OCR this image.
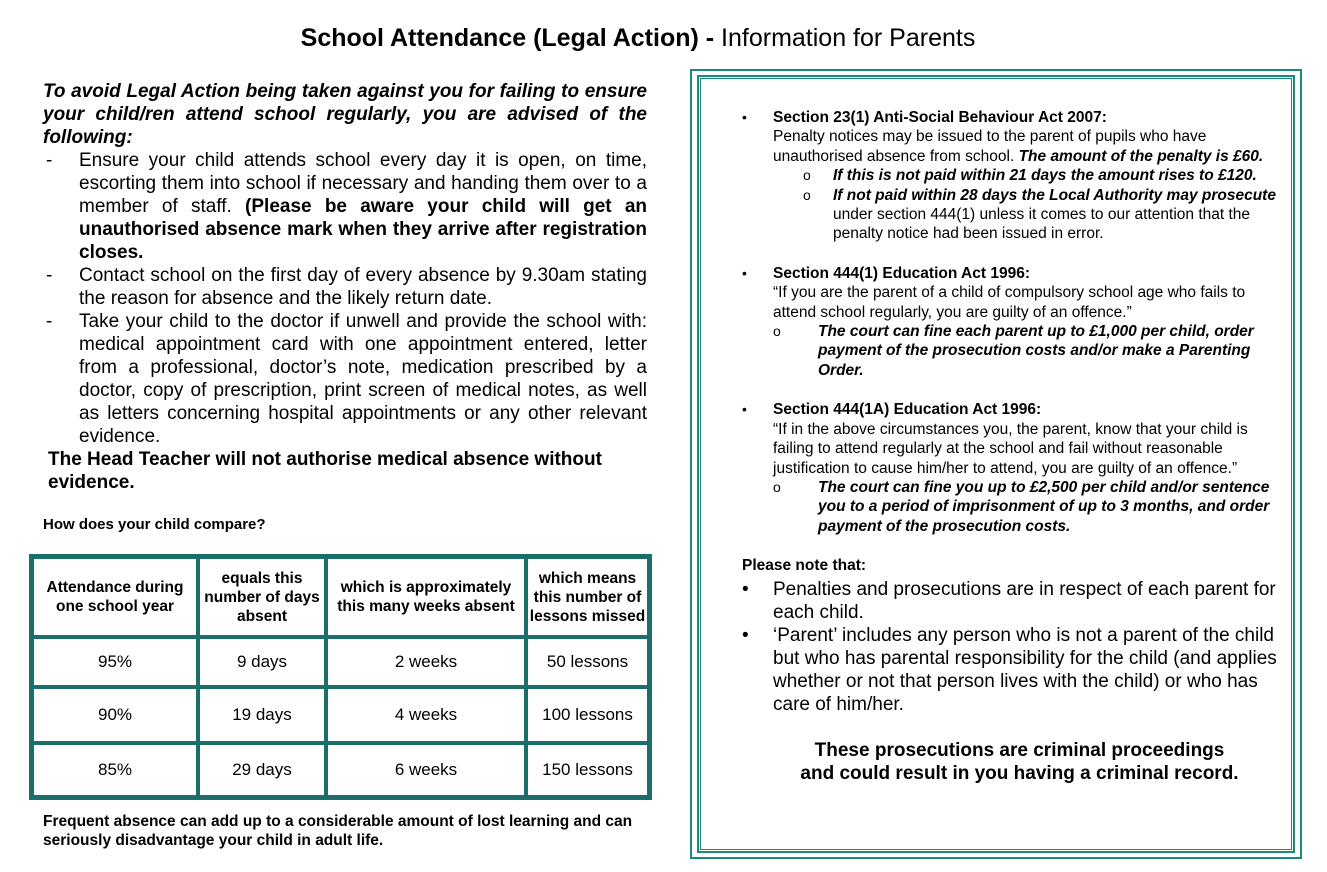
School Attendance (Legal Action) - Information for Parents

To avoid Legal Action being taken against you for failing to ensure your child/ren attend school regularly, you are advised of the following:

- Ensure your child attends school every day it is open, on time, escorting them into school if necessary and handing them over to a member of staff. (Please be aware your child will get an unauthorised absence mark when they arrive after registration closes.
- Contact school on the first day of every absence by 9.30am stating the reason for absence and the likely return date.
- Take your child to the doctor if unwell and provide the school with: medical appointment card with one appointment entered, letter from a professional, doctor’s note, medication prescribed by a doctor, copy of prescription, print screen of medical notes, as well as letters concerning hospital appointments or any other relevant evidence.

The Head Teacher will not authorise medical absence without evidence.

How does your child compare?
Attendance during one school year	equals this number of days absent	which is approximately this many weeks absent	which means this number of lessons missed
95%	9 days	2 weeks	50 lessons
90%	19 days	4 weeks	100 lessons
85%	29 days	6 weeks	150 lessons
Frequent absence can add up to a considerable amount of lost learning and can seriously disadvantage your child in adult life.
• Section 23(1) Anti-Social Behaviour Act 2007:
Penalty notices may be issued to the parent of pupils who have unauthorised absence from school. The amount of the penalty is £60.
o If this is not paid within 21 days the amount rises to £120.
o If not paid within 28 days the Local Authority may prosecute under section 444(1) unless it comes to our attention that the penalty notice had been issued in error.
• Section 444(1) Education Act 1996:
“If you are the parent of a child of compulsory school age who fails to attend school regularly, you are guilty of an offence.”
o The court can fine each parent up to £1,000 per child, order payment of the prosecution costs and/or make a Parenting Order.
• Section 444(1A) Education Act 1996:
“If in the above circumstances you, the parent, know that your child is failing to attend regularly at the school and fail without reasonable justification to cause him/her to attend, you are guilty of an offence.”
o The court can fine you up to £2,500 per child and/or sentence you to a period of imprisonment of up to 3 months, and order payment of the prosecution costs.

Please note that:

• Penalties and prosecutions are in respect of each parent for each child.
• ‘Parent’ includes any person who is not a parent of the child but who has parental responsibility for the child (and applies whether or not that person lives with the child) or who has care of him/her.
These prosecutions are criminal proceedings
and could result in you having a criminal record.
